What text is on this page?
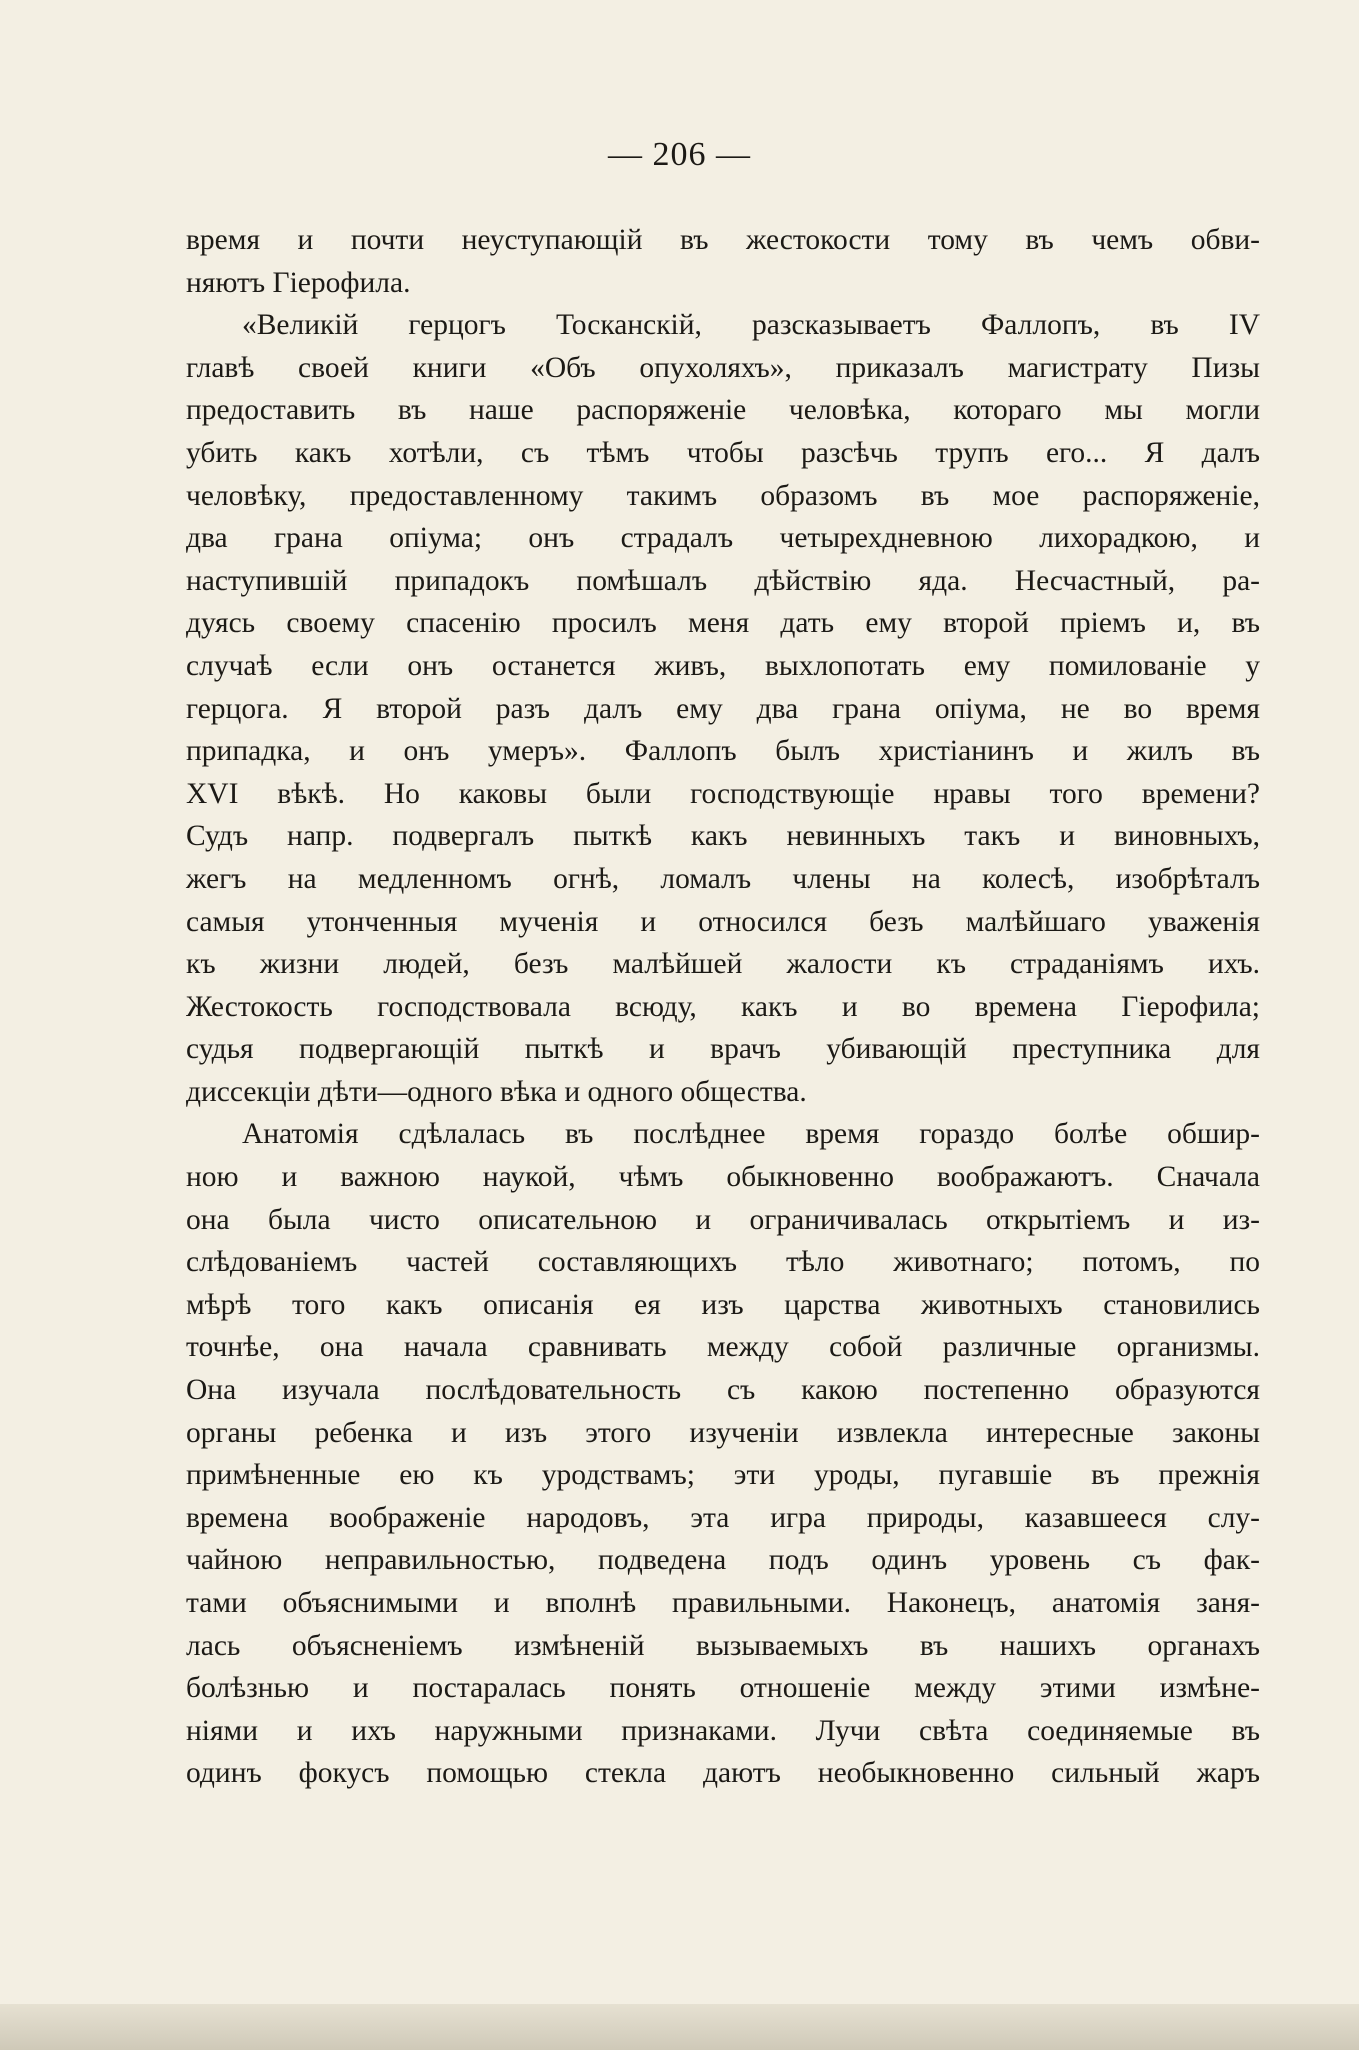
— 206 —
время и почти неуступающій въ жестокости тому въ чемъ обви-
няютъ Гіерофила.
«Великій герцогъ Тосканскій, разсказываетъ Фаллопъ, въ IV
главѣ своей книги «Объ опухоляхъ», приказалъ магистрату Пизы
предоставить въ наше распоряженіе человѣка, котораго мы могли
убить какъ хотѣли, съ тѣмъ чтобы разсѣчь трупъ его... Я далъ
человѣку, предоставленному такимъ образомъ въ мое распоряженіе,
два грана опіума; онъ страдалъ четырехдневною лихорадкою, и
наступившій припадокъ помѣшалъ дѣйствію яда. Несчастный, ра-
дуясь своему спасенію просилъ меня дать ему второй пріемъ и, въ
случаѣ если онъ останется живъ, выхлопотать ему помилованіе у
герцога. Я второй разъ далъ ему два грана опіума, не во время
припадка, и онъ умеръ». Фаллопъ былъ христіанинъ и жилъ въ
XVI вѣкѣ. Но каковы были господствующіе нравы того времени?
Судъ напр. подвергалъ пыткѣ какъ невинныхъ такъ и виновныхъ,
жегъ на медленномъ огнѣ, ломалъ члены на колесѣ, изобрѣталъ
самыя утонченныя мученія и относился безъ малѣйшаго уваженія
къ жизни людей, безъ малѣйшей жалости къ страданіямъ ихъ.
Жестокость господствовала всюду, какъ и во времена Гіерофила;
судья подвергающій пыткѣ и врачъ убивающій преступника для
диссекціи дѣти—одного вѣка и одного общества.
Анатомія сдѣлалась въ послѣднее время гораздо болѣе обшир-
ною и важною наукой, чѣмъ обыкновенно воображаютъ. Сначала
она была чисто описательною и ограничивалась открытіемъ и из-
слѣдованіемъ частей составляющихъ тѣло животнаго; потомъ, по
мѣрѣ того какъ описанія ея изъ царства животныхъ становились
точнѣе, она начала сравнивать между собой различные организмы.
Она изучала послѣдовательность съ какою постепенно образуются
органы ребенка и изъ этого изученіи извлекла интересные законы
примѣненные ею къ уродствамъ; эти уроды, пугавшіе въ прежнія
времена воображеніе народовъ, эта игра природы, казавшееся слу-
чайною неправильностью, подведена подъ одинъ уровень съ фак-
тами объяснимыми и вполнѣ правильными. Наконецъ, анатомія заня-
лась объясненіемъ измѣненій вызываемыхъ въ нашихъ органахъ
болѣзнью и постаралась понять отношеніе между этими измѣне-
ніями и ихъ наружными признаками. Лучи свѣта соединяемые въ
одинъ фокусъ помощью стекла даютъ необыкновенно сильный жаръ
